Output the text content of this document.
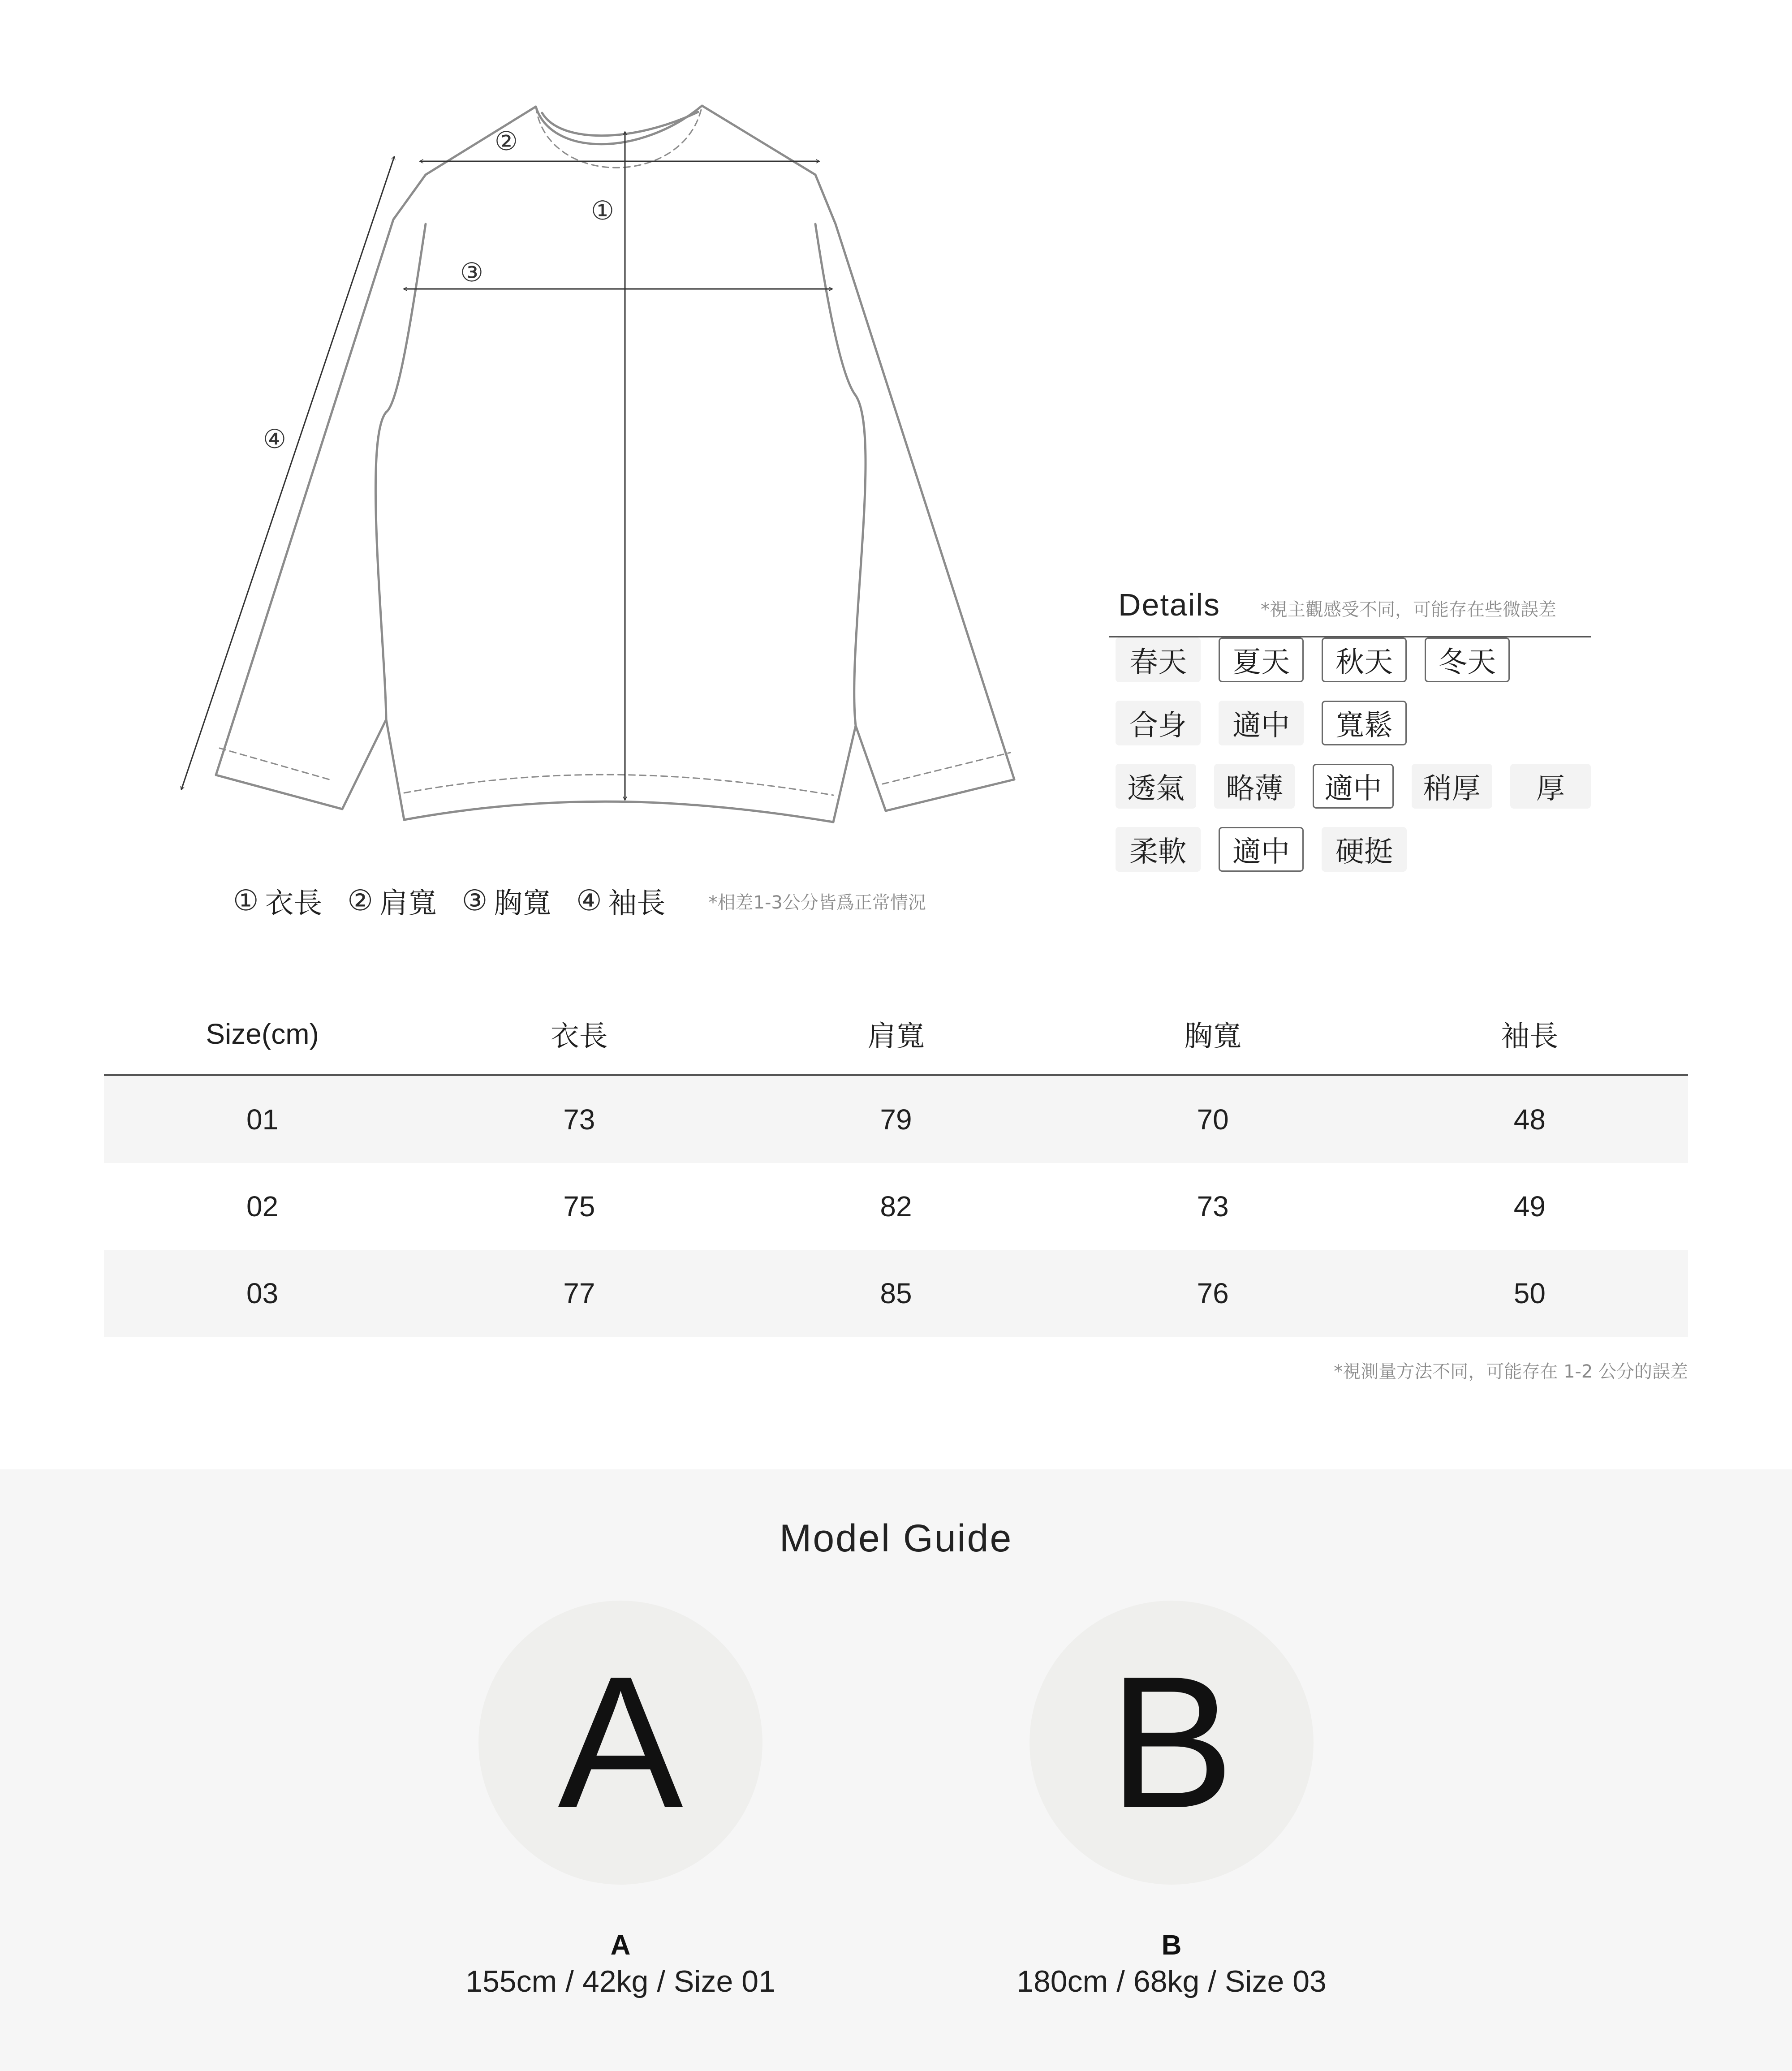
①
②
③
④
① 衣長 ② 肩寬 ③ 胸寬 ④ 袖長 *相差1-3公分皆爲正常情況
Details *視主觀感受不同，可能存在些微誤差
春天	夏天	秋天	冬天
合身	適中	寬鬆
透氣	略薄	適中	稍厚	厚
柔軟	適中	硬挺
Size(cm)	衣長	肩寬	胸寬	袖長
01	73	79	70	48
02	75	82	73	49
03	77	85	76	50
*視測量方法不同，可能存在 1-2 公分的誤差
Model Guide
A
A
155cm / 42kg / Size 01
B
B
180cm / 68kg / Size 03
